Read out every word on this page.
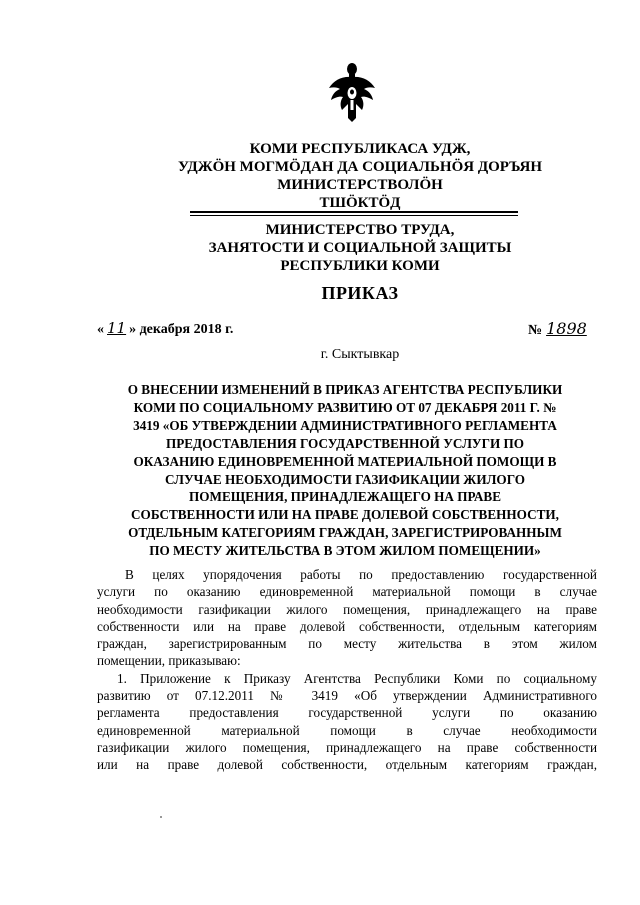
КОМИ РЕСПУБЛИКАСА УДЖ,
УДЖӦН МОГМӦДАН ДА СОЦИАЛЬНӦЯ ДОРЪЯН
МИНИСТЕРСТВОЛӦН
ТШӦКТӦД
МИНИСТЕРСТВО ТРУДА,
ЗАНЯТОСТИ И СОЦИАЛЬНОЙ ЗАЩИТЫ
РЕСПУБЛИКИ КОМИ
ПРИКАЗ
« 11 » декабря 2018 г.	№ 1898
г. Сыктывкар
О ВНЕСЕНИИ ИЗМЕНЕНИЙ В ПРИКАЗ АГЕНТСТВА РЕСПУБЛИКИ
КОМИ ПО СОЦИАЛЬНОМУ РАЗВИТИЮ ОТ 07 ДЕКАБРЯ 2011 Г. №
3419 «ОБ УТВЕРЖДЕНИИ АДМИНИСТРАТИВНОГО РЕГЛАМЕНТА
ПРЕДОСТАВЛЕНИЯ ГОСУДАРСТВЕННОЙ УСЛУГИ ПО
ОКАЗАНИЮ ЕДИНОВРЕМЕННОЙ МАТЕРИАЛЬНОЙ ПОМОЩИ В
СЛУЧАЕ НЕОБХОДИМОСТИ ГАЗИФИКАЦИИ ЖИЛОГО
ПОМЕЩЕНИЯ, ПРИНАДЛЕЖАЩЕГО НА ПРАВЕ
СОБСТВЕННОСТИ ИЛИ НА ПРАВЕ ДОЛЕВОЙ СОБСТВЕННОСТИ,
ОТДЕЛЬНЫМ КАТЕГОРИЯМ ГРАЖДАН, ЗАРЕГИСТРИРОВАННЫМ
ПО МЕСТУ ЖИТЕЛЬСТВА В ЭТОМ ЖИЛОМ ПОМЕЩЕНИИ»
В целях упорядочения работы по предоставлению государственной
услуги по оказанию единовременной материальной помощи в случае
необходимости газификации жилого помещения, принадлежащего на праве
собственности или на праве долевой собственности, отдельным категориям
граждан, зарегистрированным по месту жительства в этом жилом
помещении, приказываю:
1. Приложение к Приказу Агентства Республики Коми по социальному
развитию от 07.12.2011 № 3419 «Об утверждении Административного
регламента предоставления государственной услуги по оказанию
единовременной материальной помощи в случае необходимости
газификации жилого помещения, принадлежащего на праве собственности
или на праве долевой собственности, отдельным категориям граждан,
